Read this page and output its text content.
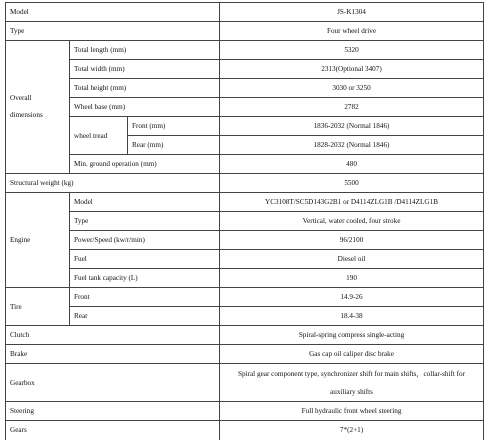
Model			JS-K1304
Type			Four wheel drive
Overall dimensions	Total length (mm)		5320
	Total width (mm)		2313(Optional 3407)
	Total height (mm)		3030 or 3250
	Wheel base (mm)		2782
	wheel tread	Front (mm)	1836-2032 (Normal 1846)
		Rear (mm)	1828-2032 (Normal 1846)
	Min. ground operation (mm)		480
Structural weight (kg)			5500
Engine	Model		YC3108T/SC5D143G2B1 or D4114ZLG1B /D4114ZLG1B
	Type		Vertical, water cooled, four stroke
	Power/Speed (kw/r/min)		96/2100
	Fuel		Diesel oil
	Fuel tank capacity (L)		190
Tire	Front		14.9-26
	Rear		18.4-38
Clutch			Spiral-spring compress single-acting
Brake			Gas cap oil caliper disc brake
Gearbox			Spiral gear component type, synchronizer shift for main shifts，collar-shift for auxiliary shifts
Steering			Full hydraulic front wheel steering
Gears			7*(2+1)
